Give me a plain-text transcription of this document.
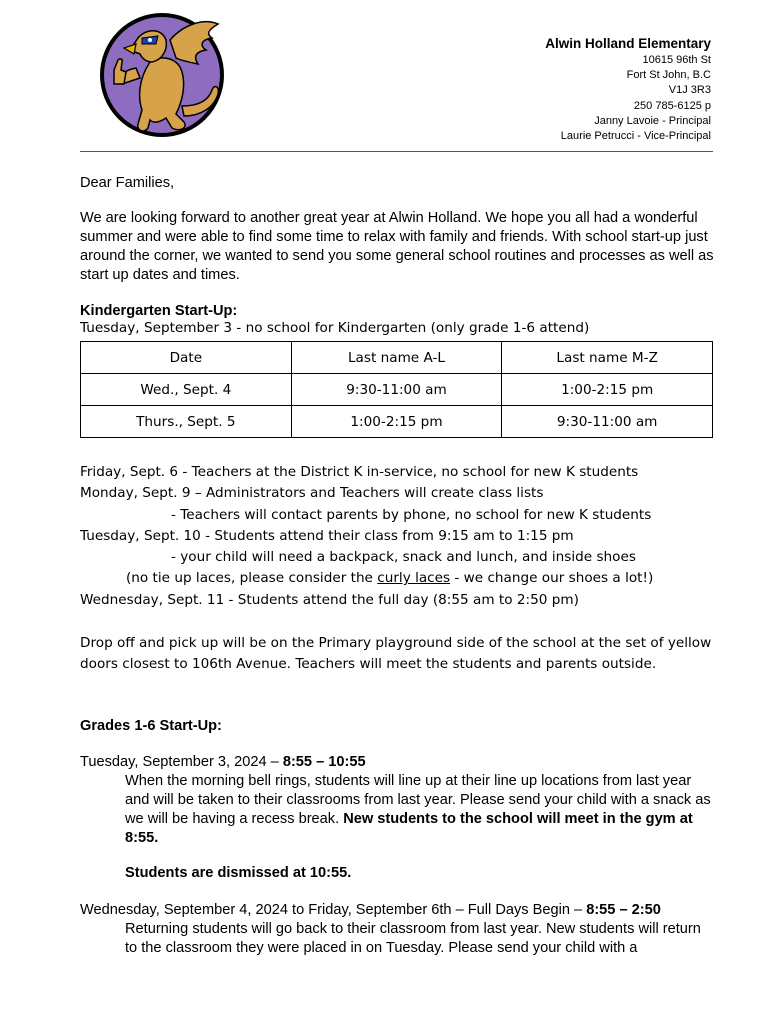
Alwin Holland Elementary
10615 96th St
Fort St John, B.C
V1J 3R3
250 785-6125 p
Janny Lavoie - Principal
Laurie Petrucci - Vice-Principal
Dear Families,
We are looking forward to another great year at Alwin Holland. We hope you all had a wonderful summer and were able to find some time to relax with family and friends. With school start-up just around the corner, we wanted to send you some general school routines and processes as well as start up dates and times.
Kindergarten Start-Up:
Tuesday, September 3 - no school for Kindergarten (only grade 1-6 attend)
Date	Last name A-L	Last name M-Z
Wed., Sept. 4	9:30-11:00 am	1:00-2:15 pm
Thurs., Sept. 5	1:00-2:15 pm	9:30-11:00 am
Friday, Sept. 6 - Teachers at the District K in-service, no school for new K students
Monday, Sept. 9 – Administrators and Teachers will create class lists
- Teachers will contact parents by phone, no school for new K students
Tuesday, Sept. 10 - Students attend their class from 9:15 am to 1:15 pm
- your child will need a backpack, snack and lunch, and inside shoes
(no tie up laces, please consider the curly laces - we change our shoes a lot!)
Wednesday, Sept. 11 - Students attend the full day (8:55 am to 2:50 pm)
Drop off and pick up will be on the Primary playground side of the school at the set of yellow doors closest to 106th Avenue. Teachers will meet the students and parents outside.
Grades 1-6 Start-Up:
Tuesday, September 3, 2024 – 8:55 – 10:55
When the morning bell rings, students will line up at their line up locations from last year and will be taken to their classrooms from last year. Please send your child with a snack as we will be having a recess break. New students to the school will meet in the gym at 8:55.
Students are dismissed at 10:55.
Wednesday, September 4, 2024 to Friday, September 6th – Full Days Begin – 8:55 – 2:50
Returning students will go back to their classroom from last year. New students will return to the classroom they were placed in on Tuesday. Please send your child with a
